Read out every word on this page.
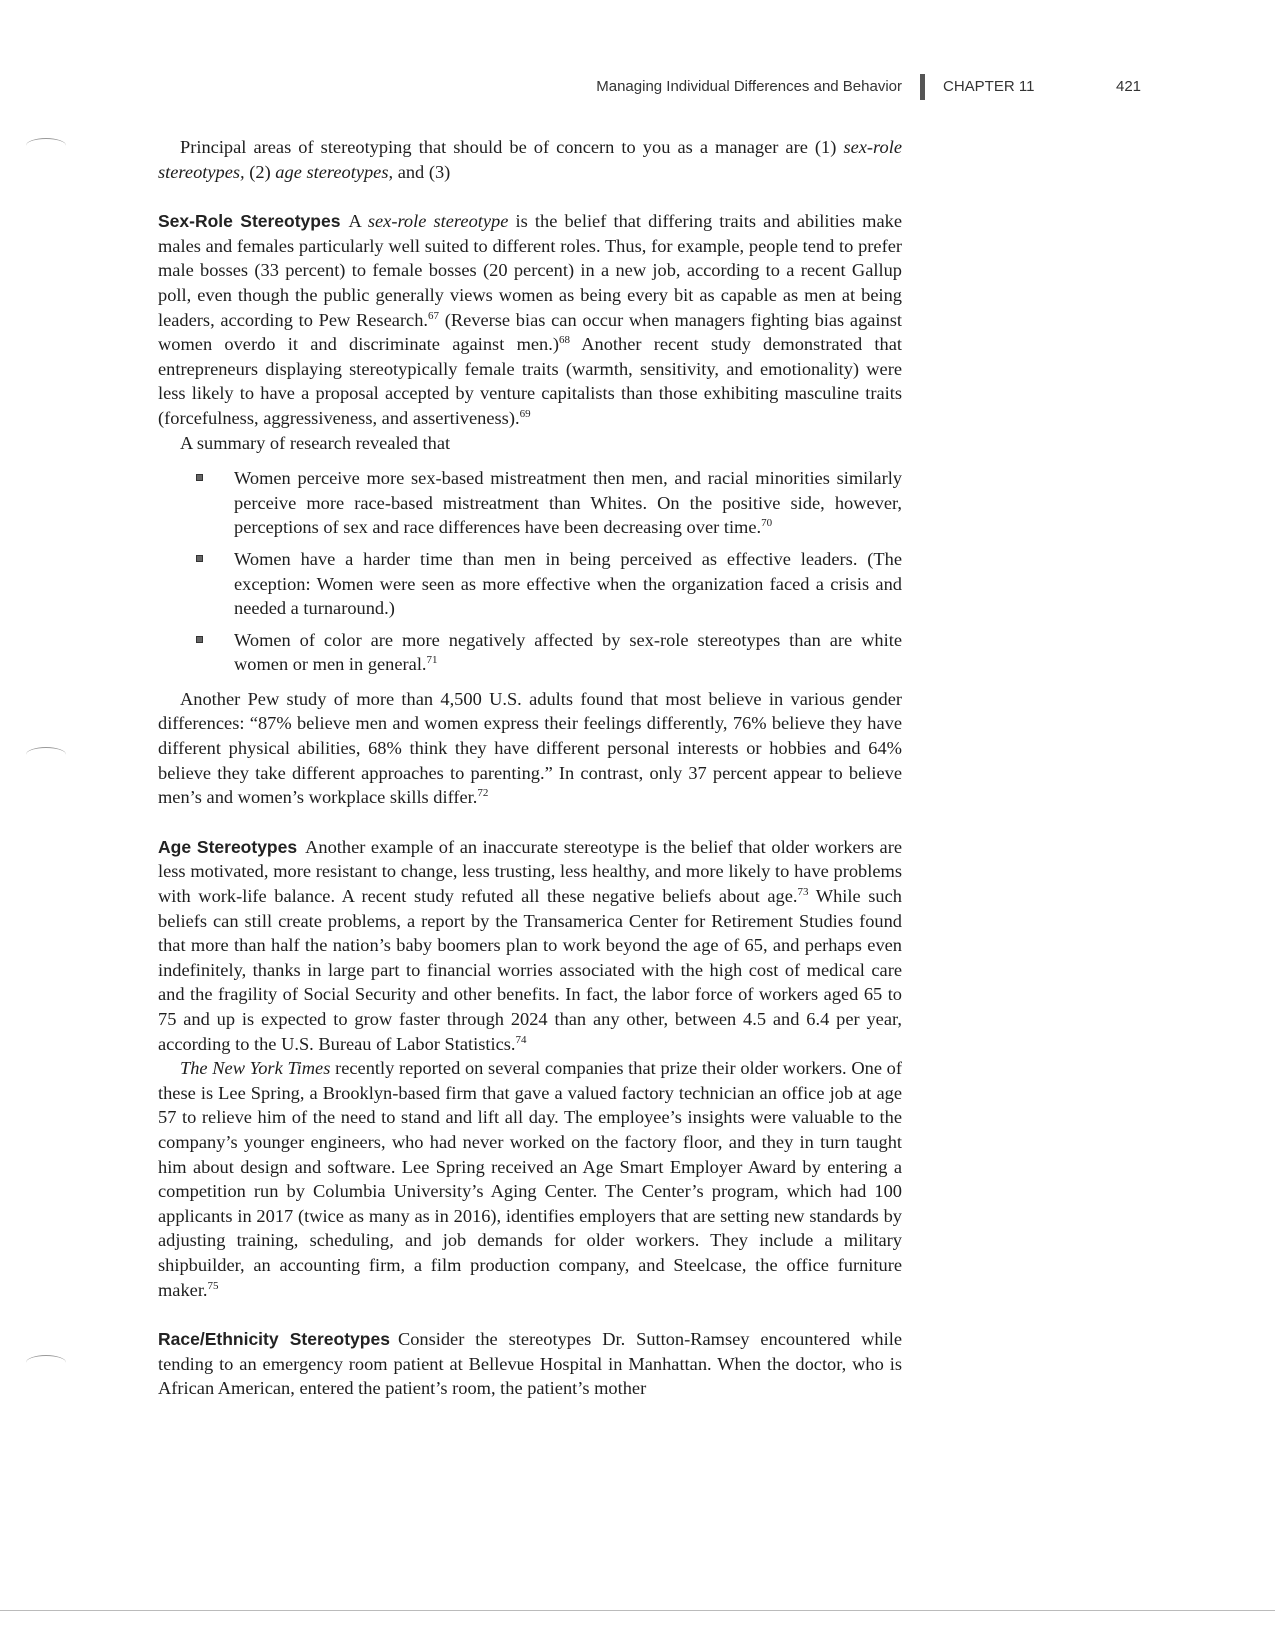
Managing Individual Differences and Behavior	CHAPTER 11	421

Principal areas of stereotyping that should be of concern to you as a manager are (1) sex-role stereotypes, (2) age stereotypes, and (3)

Sex-Role Stereotypes A sex-role stereotype is the belief that differing traits and abilities make males and females particularly well suited to different roles. Thus, for example, people tend to prefer male bosses (33 percent) to female bosses (20 percent) in a new job, according to a recent Gallup poll, even though the public generally views women as being every bit as capable as men at being leaders, according to Pew Research.$^{67}$ (Reverse bias can occur when managers fighting bias against women overdo it and discriminate against men.)$^{68}$ Another recent study demonstrated that entrepreneurs displaying stereotypically female traits (warmth, sensitivity, and emotionality) were less likely to have a proposal accepted by venture capitalists than those exhibiting masculine traits (forcefulness, aggressiveness, and assertiveness).$^{69}$

A summary of research revealed that

Women perceive more sex-based mistreatment then men, and racial minorities similarly perceive more race-based mistreatment than Whites. On the positive side, however, perceptions of sex and race differences have been decreasing over time.$^{70}$
Women have a harder time than men in being perceived as effective leaders. (The exception: Women were seen as more effective when the organization faced a crisis and needed a turnaround.)
Women of color are more negatively affected by sex-role stereotypes than are white women or men in general.$^{71}$

Another Pew study of more than 4,500 U.S. adults found that most believe in various gender differences: “87% believe men and women express their feelings differently, 76% believe they have different physical abilities, 68% think they have different personal interests or hobbies and 64% believe they take different approaches to parenting.” In contrast, only 37 percent appear to believe men’s and women’s workplace skills differ.$^{72}$

Age Stereotypes Another example of an inaccurate stereotype is the belief that older workers are less motivated, more resistant to change, less trusting, less healthy, and more likely to have problems with work-life balance. A recent study refuted all these negative beliefs about age.$^{73}$ While such beliefs can still create problems, a report by the Transamerica Center for Retirement Studies found that more than half the nation’s baby boomers plan to work beyond the age of 65, and perhaps even indefinitely, thanks in large part to financial worries associated with the high cost of medical care and the fragility of Social Security and other benefits. In fact, the labor force of workers aged 65 to 75 and up is expected to grow faster through 2024 than any other, between 4.5 and 6.4 per year, according to the U.S. Bureau of Labor Statistics.$^{74}$

The New York Times recently reported on several companies that prize their older workers. One of these is Lee Spring, a Brooklyn-based firm that gave a valued factory technician an office job at age 57 to relieve him of the need to stand and lift all day. The employee’s insights were valuable to the company’s younger engineers, who had never worked on the factory floor, and they in turn taught him about design and software. Lee Spring received an Age Smart Employer Award by entering a competition run by Columbia University’s Aging Center. The Center’s program, which had 100 applicants in 2017 (twice as many as in 2016), identifies employers that are setting new standards by adjusting training, scheduling, and job demands for older workers. They include a military shipbuilder, an accounting firm, a film production company, and Steelcase, the office furniture maker.$^{75}$

Race/Ethnicity Stereotypes Consider the stereotypes Dr. Sutton-Ramsey encountered while tending to an emergency room patient at Bellevue Hospital in Manhattan. When the doctor, who is African American, entered the patient’s room, the patient’s mother
